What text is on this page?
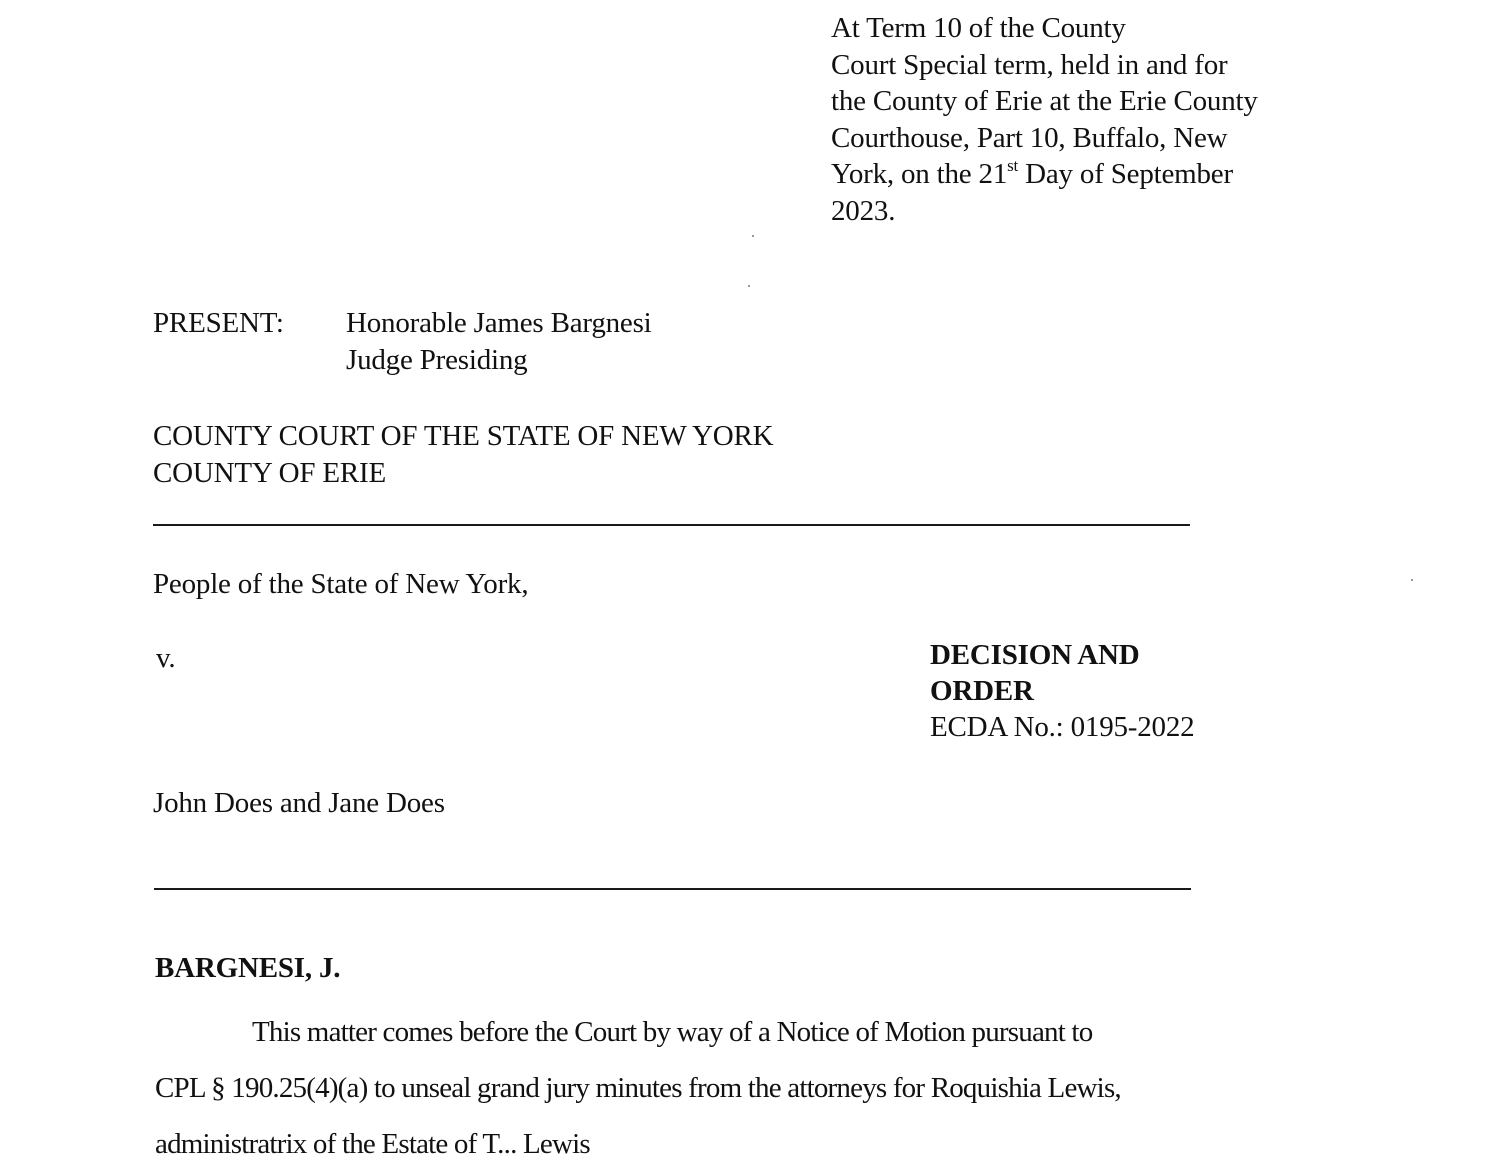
At Term 10 of the County
Court Special term, held in and for
the County of Erie at the Erie County
Courthouse, Part 10, Buffalo, New
York, on the 21st Day of September
2023.
PRESENT: Honorable James Bargnesi
Judge Presiding
COUNTY COURT OF THE STATE OF NEW YORK
COUNTY OF ERIE
People of the State of New York,
v.
John Does and Jane Does
DECISION AND
ORDER
ECDA No.: 0195-2022
BARGNESI, J.
This matter comes before the Court by way of a Notice of Motion pursuant to
CPL § 190.25(4)(a) to unseal grand jury minutes from the attorneys for Roquishia Lewis,
administratrix of the Estate of T... Lewis
